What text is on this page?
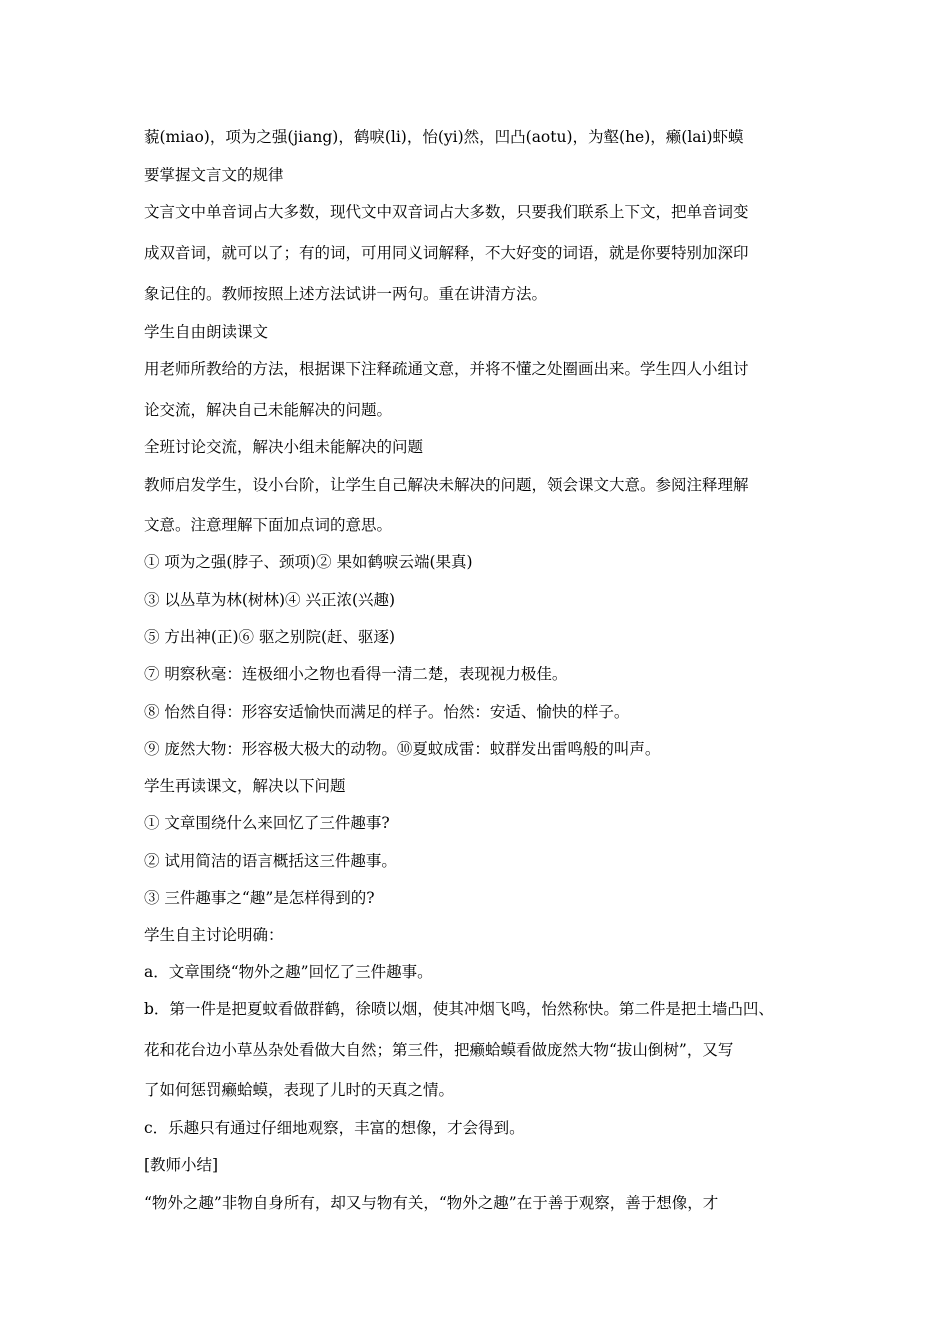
藐(miao)，项为之强(jiang)，鹤唳(li)，怡(yi)然，凹凸(aotu)，为壑(he)，癞(lai)虾蟆
要掌握文言文的规律
文言文中单音词占大多数，现代文中双音词占大多数，只要我们联系上下文，把单音词变
成双音词，就可以了；有的词，可用同义词解释，不大好变的词语，就是你要特别加深印
象记住的。教师按照上述方法试讲一两句。重在讲清方法。
学生自由朗读课文
用老师所教给的方法，根据课下注释疏通文意，并将不懂之处圈画出来。学生四人小组讨
论交流，解决自己未能解决的问题。
全班讨论交流，解决小组未能解决的问题
教师启发学生，设小台阶，让学生自己解决未解决的问题，领会课文大意。参阅注释理解
文意。注意理解下面加点词的意思。
① 项为之强(脖子、颈项)② 果如鹤唳云端(果真)
③ 以丛草为林(树林)④ 兴正浓(兴趣)
⑤ 方出神(正)⑥ 驱之别院(赶、驱逐)
⑦ 明察秋毫：连极细小之物也看得一清二楚，表现视力极佳。
⑧ 怡然自得：形容安适愉快而满足的样子。怡然：安适、愉快的样子。
⑨ 庞然大物：形容极大极大的动物。⑩夏蚊成雷：蚊群发出雷鸣般的叫声。
学生再读课文，解决以下问题
① 文章围绕什么来回忆了三件趣事?
② 试用简洁的语言概括这三件趣事。
③ 三件趣事之“趣”是怎样得到的?
学生自主讨论明确：
a．文章围绕“物外之趣”回忆了三件趣事。
b．第一件是把夏蚊看做群鹤，徐喷以烟，使其冲烟飞鸣，怡然称快。第二件是把土墙凸凹、
花和花台边小草丛杂处看做大自然；第三件，把癞蛤蟆看做庞然大物“拔山倒树”，又写
了如何惩罚癞蛤蟆，表现了儿时的天真之情。
c．乐趣只有通过仔细地观察，丰富的想像，才会得到。
[教师小结]
“物外之趣”非物自身所有，却又与物有关，“物外之趣”在于善于观察，善于想像，才
